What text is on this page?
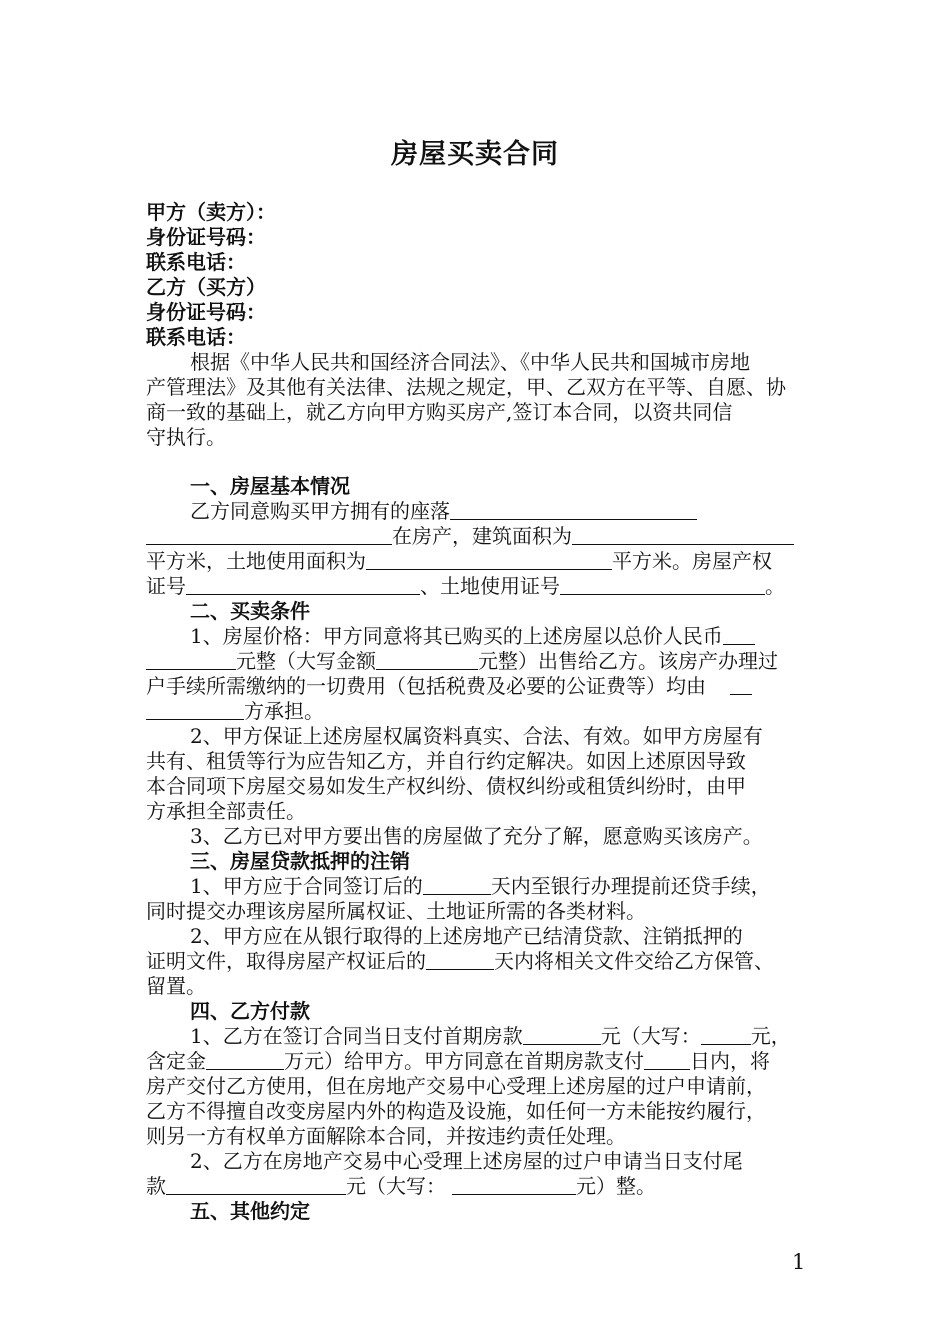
房屋买卖合同
甲方（卖方）：
身份证号码：
联系电话：
乙方（买方）
身份证号码：
联系电话：
根据《中华人民共和国经济合同法》、《中华人民共和国城市房地
产管理法》及其他有关法律、法规之规定，甲、乙双方在平等、自愿、协
商一致的基础上，就乙方向甲方购买房产,签订本合同，以资共同信
守执行。
一、房屋基本情况
乙方同意购买甲方拥有的座落
在房产，建筑面积为
平方米，土地使用面积为	平方米。房屋产权
证号	、土地使用证号	。
二、买卖条件
1、房屋价格：甲方同意将其已购买的上述房屋以总价人民币
元整（大写金额	元整）出售给乙方。该房产办理过
户手续所需缴纳的一切费用（包括税费及必要的公证费等）均由
方承担。
2、甲方保证上述房屋权属资料真实、合法、有效。如甲方房屋有
共有、租赁等行为应告知乙方，并自行约定解决。如因上述原因导致
本合同项下房屋交易如发生产权纠纷、债权纠纷或租赁纠纷时，由甲
方承担全部责任。
3、乙方已对甲方要出售的房屋做了充分了解，愿意购买该房产。
三、房屋贷款抵押的注销
1、甲方应于合同签订后的	天内至银行办理提前还贷手续，
同时提交办理该房屋所属权证、土地证所需的各类材料。
2、甲方应在从银行取得的上述房地产已结清贷款、注销抵押的
证明文件，取得房屋产权证后的	天内将相关文件交给乙方保管、
留置。
四、乙方付款
1、乙方在签订合同当日支付首期房款	元（大写：	元，
含定金	万元）给甲方。甲方同意在首期房款支付 日内，将
房产交付乙方使用，但在房地产交易中心受理上述房屋的过户申请前，
乙方不得擅自改变房屋内外的构造及设施，如任何一方未能按约履行，
则另一方有权单方面解除本合同，并按违约责任处理。
2、乙方在房地产交易中心受理上述房屋的过户申请当日支付尾
款	元（大写：	元）整。
五、其他约定
1
